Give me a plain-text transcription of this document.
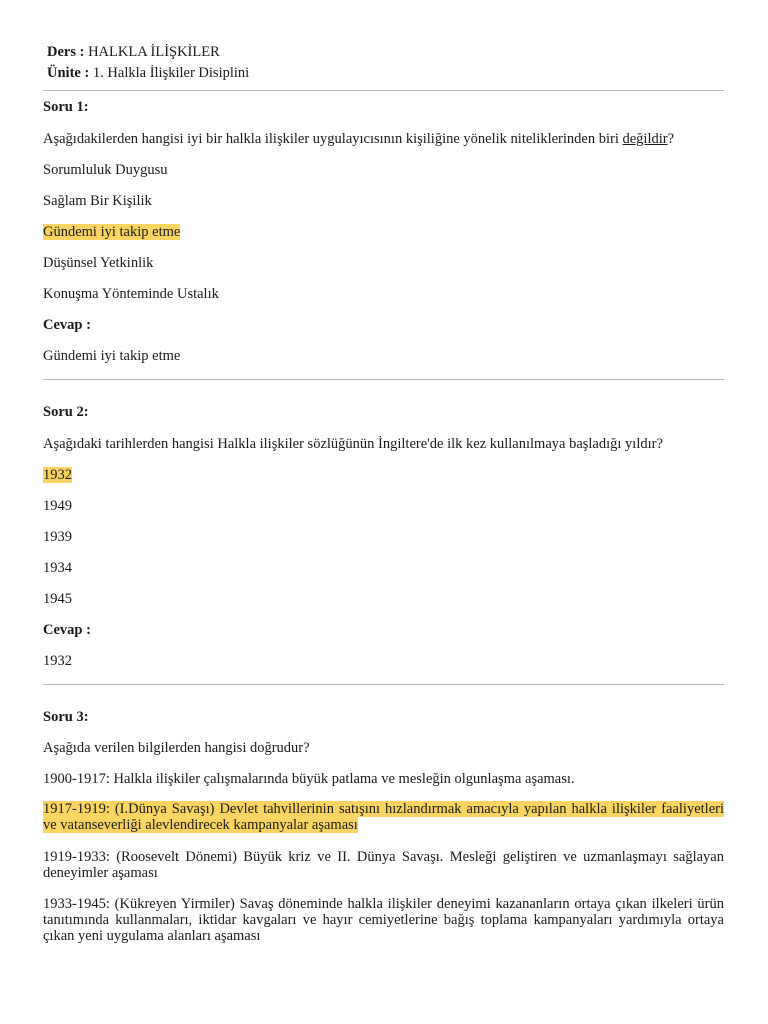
Ders : HALKLA İLİŞKİLER
Ünite : 1. Halkla İlişkiler Disiplini
Soru 1:
Aşağıdakilerden hangisi iyi bir halkla ilişkiler uygulayıcısının kişiliğine yönelik niteliklerinden biri değildir?
Sorumluluk Duygusu
Sağlam Bir Kişilik
Gündemi iyi takip etme
Düşünsel Yetkinlik
Konuşma Yönteminde Ustalık
Cevap :
Gündemi iyi takip etme
Soru 2:
Aşağıdaki tarihlerden hangisi Halkla ilişkiler sözlüğünün İngiltere'de ilk kez kullanılmaya başladığı yıldır?
1932
1949
1939
1934
1945
Cevap :
1932
Soru 3:
Aşağıda verilen bilgilerden hangisi doğrudur?
1900-1917: Halkla ilişkiler çalışmalarında büyük patlama ve mesleğin olgunlaşma aşaması.
1917-1919: (I.Dünya Savaşı) Devlet tahvillerinin satışını hızlandırmak amacıyla yapılan halkla ilişkiler faaliyetleri ve vatanseverliği alevlendirecek kampanyalar aşaması
1919-1933: (Roosevelt Dönemi) Büyük kriz ve II. Dünya Savaşı. Mesleği geliştiren ve uzmanlaşmayı sağlayan deneyimler aşaması
1933-1945: (Kükreyen Yirmiler) Savaş döneminde halkla ilişkiler deneyimi kazananların ortaya çıkan ilkeleri ürün tanıtımında kullanmaları, iktidar kavgaları ve hayır cemiyetlerine bağış toplama kampanyaları yardımıyla ortaya çıkan yeni uygulama alanları aşaması
